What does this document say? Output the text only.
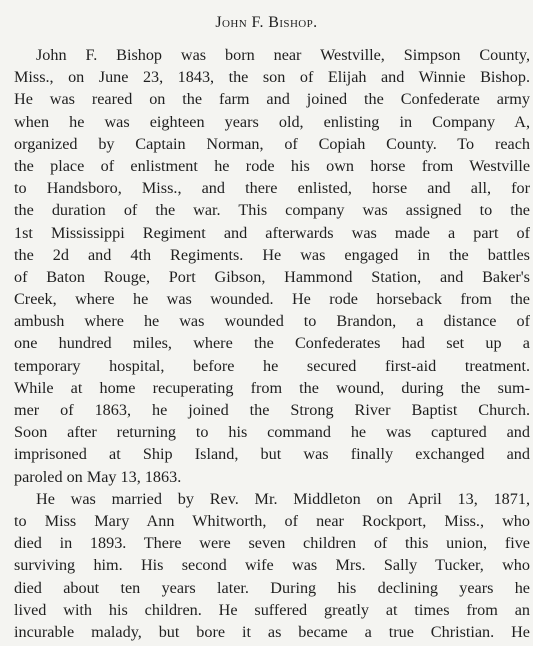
John F. Bishop.
John F. Bishop was born near Westville, Simpson County,
Miss., on June 23, 1843, the son of Elijah and Winnie Bishop.
He was reared on the farm and joined the Confederate army
when he was eighteen years old, enlisting in Company A,
organized by Captain Norman, of Copiah County. To reach
the place of enlistment he rode his own horse from Westville
to Handsboro, Miss., and there enlisted, horse and all, for
the duration of the war. This company was assigned to the
1st Mississippi Regiment and afterwards was made a part of
the 2d and 4th Regiments. He was engaged in the battles
of Baton Rouge, Port Gibson, Hammond Station, and Baker's
Creek, where he was wounded. He rode horseback from the
ambush where he was wounded to Brandon, a distance of
one hundred miles, where the Confederates had set up a
temporary hospital, before he secured first-aid treatment.
While at home recuperating from the wound, during the sum-
mer of 1863, he joined the Strong River Baptist Church.
Soon after returning to his command he was captured and
imprisoned at Ship Island, but was finally exchanged and
paroled on May 13, 1863.
He was married by Rev. Mr. Middleton on April 13, 1871,
to Miss Mary Ann Whitworth, of near Rockport, Miss., who
died in 1893. There were seven children of this union, five
surviving him. His second wife was Mrs. Sally Tucker, who
died about ten years later. During his declining years he
lived with his children. He suffered greatly at times from an
incurable malady, but bore it as became a true Christian. He
